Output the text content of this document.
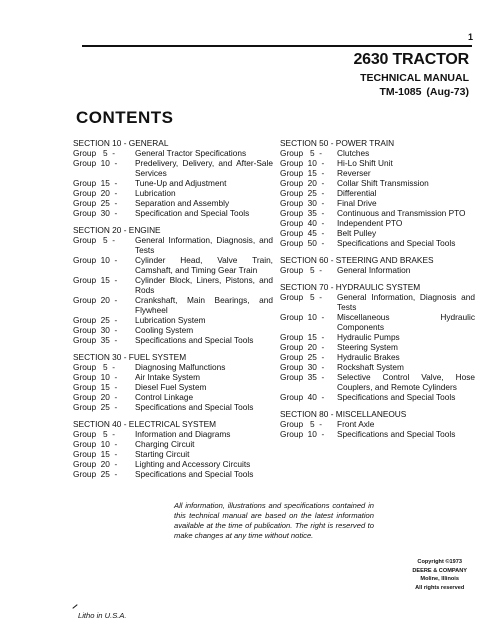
1
2630 TRACTOR
TECHNICAL MANUAL
TM-1085 (Aug-73)
CONTENTS
SECTION 10 - GENERAL
Group   5  -	General Tractor Specifications
Group  10  -	Predelivery, Delivery, and After-Sale Services
Group  15  -	Tune-Up and Adjustment
Group  20  -	Lubrication
Group  25  -	Separation and Assembly
Group  30  -	Specification and Special Tools
SECTION 20 - ENGINE
Group   5  -	General Information, Diagnosis, and Tests
Group  10  -	Cylinder Head, Valve Train, Camshaft, and Timing Gear Train
Group  15  -	Cylinder Block, Liners, Pistons, and Rods
Group  20  -	Crankshaft, Main Bearings, and Flywheel
Group  25  -	Lubrication System
Group  30  -	Cooling System
Group  35  -	Specifications and Special Tools
SECTION 30 - FUEL SYSTEM
Group   5  -	Diagnosing Malfunctions
Group  10  -	Air Intake System
Group  15  -	Diesel Fuel System
Group  20  -	Control Linkage
Group  25  -	Specifications and Special Tools
SECTION 40 - ELECTRICAL SYSTEM
Group   5  -	Information and Diagrams
Group  10  -	Charging Circuit
Group  15  -	Starting Circuit
Group  20  -	Lighting and Accessory Circuits
Group  25  -	Specifications and Special Tools
SECTION 50 - POWER TRAIN
Group   5  -	Clutches
Group  10  -	Hi-Lo Shift Unit
Group  15  -	Reverser
Group  20  -	Collar Shift Transmission
Group  25  -	Differential
Group  30  -	Final Drive
Group  35  -	Continuous and Transmission PTO
Group  40  -	Independent PTO
Group  45  -	Belt Pulley
Group  50  -	Specifications and Special Tools
SECTION 60 - STEERING AND BRAKES
Group   5  -	General Information
SECTION 70 - HYDRAULIC SYSTEM
Group   5  -	General Information, Diagnosis and Tests
Group  10  -	Miscellaneous Hydraulic Components
Group  15  -	Hydraulic Pumps
Group  20  -	Steering System
Group  25  -	Hydraulic Brakes
Group  30  -	Rockshaft System
Group  35  -	Selective Control Valve, Hose Couplers, and Remote Cylinders
Group  40  -	Specifications and Special Tools
SECTION 80 - MISCELLANEOUS
Group   5  -	Front Axle
Group  10  -	Specifications and Special Tools
All information, illustrations and specifications contained in this technical manual are based on the latest information available at the time of publication. The right is reserved to make changes at any time without notice.
Copyright ©1973
DEERE & COMPANY
Moline, Illinois
All rights reserved
Litho in U.S.A.
